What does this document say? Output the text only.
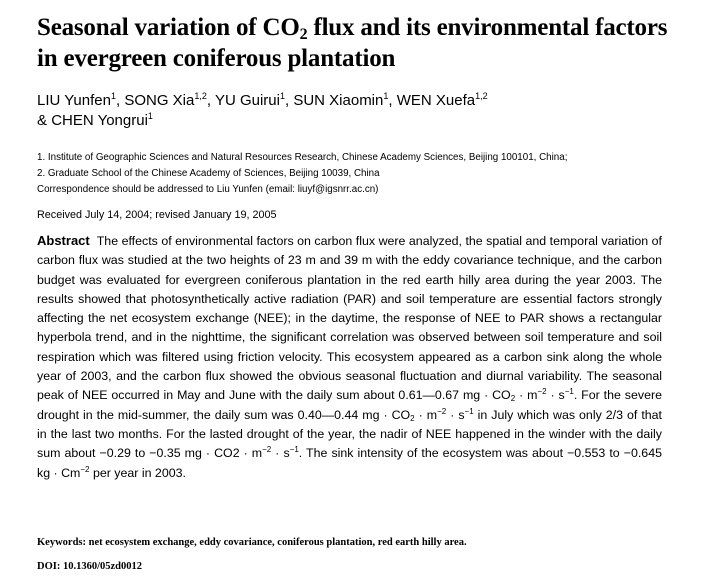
Seasonal variation of $CO_2$ flux and its environmental factors in evergreen coniferous plantation
LIU Yunfen$^1$, SONG Xia$^{1,2}$, YU Guirui$^1$, SUN Xiaomin$^1$, WEN Xuefa$^{1,2}$
& CHEN Yongrui$^1$
1. Institute of Geographic Sciences and Natural Resources Research, Chinese Academy Sciences, Beijing 100101, China;
2. Graduate School of the Chinese Academy of Sciences, Beijing 10039, China
Correspondence should be addressed to Liu Yunfen (email: liuyf@igsnrr.ac.cn)
Received July 14, 2004; revised January 19, 2005
Abstract The effects of environmental factors on carbon flux were analyzed, the spatial and temporal variation of carbon flux was studied at the two heights of 23 m and 39 m with the eddy covariance technique, and the carbon budget was evaluated for evergreen coniferous plantation in the red earth hilly area during the year 2003. The results showed that photosynthetically active radiation (PAR) and soil temperature are essential factors strongly affecting the net ecosystem exchange (NEE); in the daytime, the response of NEE to PAR shows a rectangular hyperbola trend, and in the nighttime, the significant correlation was observed between soil temperature and soil respiration which was filtered using friction velocity. This ecosystem appeared as a carbon sink along the whole year of 2003, and the carbon flux showed the obvious seasonal fluctuation and diurnal variability. The seasonal peak of NEE occurred in May and June with the daily sum about 0.61—0.67 mg · $CO_2 \cdot m^{-2} \cdot s^{-1}$. For the severe drought in the mid-summer, the daily sum was 0.40—0.44 mg · $CO_2 \cdot m^{-2} \cdot s^{-1}$ in July which was only 2/3 of that in the last two months. For the lasted drought of the year, the nadir of NEE happened in the winder with the daily sum about −0.29 to −0.35 mg · $CO2 \cdot m^{-2} \cdot s^{-1}$. The sink intensity of the ecosystem was about −0.553 to −0.645 kg · $Cm^{-2}$ per year in 2003.
Keywords: net ecosystem exchange, eddy covariance, coniferous plantation, red earth hilly area.
DOI: 10.1360/05zd0012
